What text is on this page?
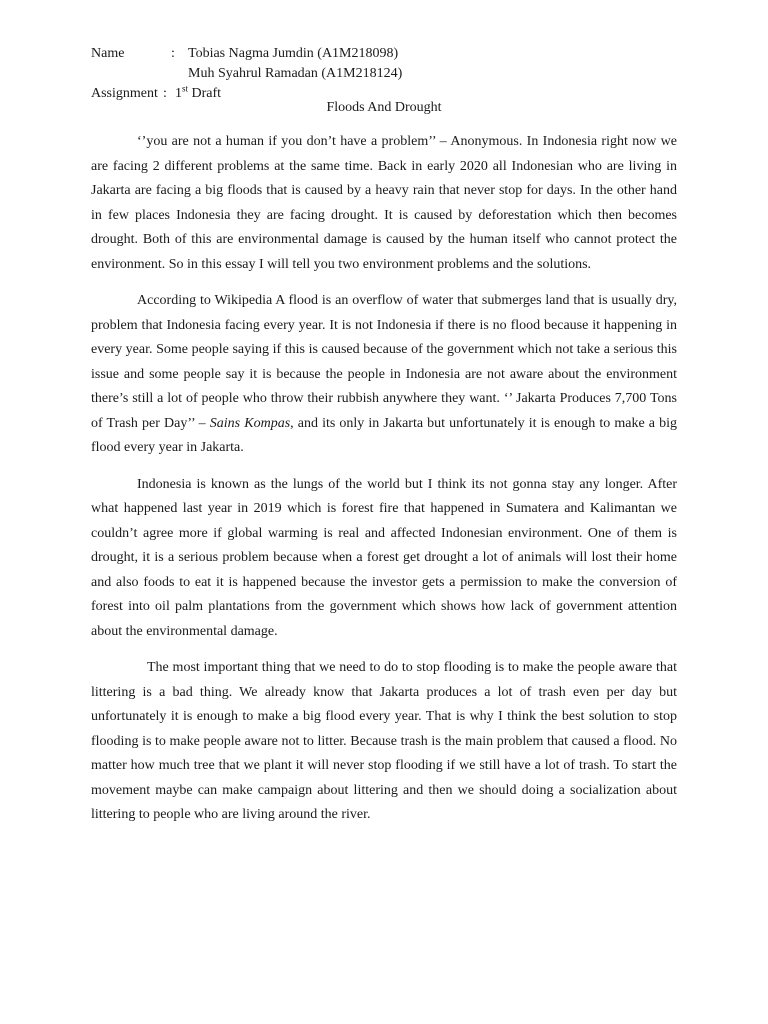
Name	: Tobias Nagma Jumdin (A1M218098)
Muh Syahrul Ramadan (A1M218124)
Assignment : 1st Draft
Floods And Drought

‘’you are not a human if you don’t have a problem’’ – Anonymous. In Indonesia right now we are facing 2 different problems at the same time. Back in early 2020 all Indonesian who are living in Jakarta are facing a big floods that is caused by a heavy rain that never stop for days. In the other hand in few places Indonesia they are facing drought. It is caused by deforestation which then becomes drought. Both of this are environmental damage is caused by the human itself who cannot protect the environment. So in this essay I will tell you two environment problems and the solutions.

According to Wikipedia A flood is an overflow of water that submerges land that is usually dry, problem that Indonesia facing every year. It is not Indonesia if there is no flood because it happening in every year. Some people saying if this is caused because of the government which not take a serious this issue and some people say it is because the people in Indonesia are not aware about the environment there’s still a lot of people who throw their rubbish anywhere they want. ‘’ Jakarta Produces 7,700 Tons of Trash per Day’’ – Sains Kompas, and its only in Jakarta but unfortunately it is enough to make a big flood every year in Jakarta.

Indonesia is known as the lungs of the world but I think its not gonna stay any longer. After what happened last year in 2019 which is forest fire that happened in Sumatera and Kalimantan we couldn’t agree more if global warming is real and affected Indonesian environment. One of them is drought, it is a serious problem because when a forest get drought a lot of animals will lost their home and also foods to eat it is happened because the investor gets a permission to make the conversion of forest into oil palm plantations from the government which shows how lack of government attention about the environmental damage.

The most important thing that we need to do to stop flooding is to make the people aware that littering is a bad thing. We already know that Jakarta produces a lot of trash even per day but unfortunately it is enough to make a big flood every year. That is why I think the best solution to stop flooding is to make people aware not to litter. Because trash is the main problem that caused a flood. No matter how much tree that we plant it will never stop flooding if we still have a lot of trash. To start the movement maybe can make campaign about littering and then we should doing a socialization about littering to people who are living around the river.
